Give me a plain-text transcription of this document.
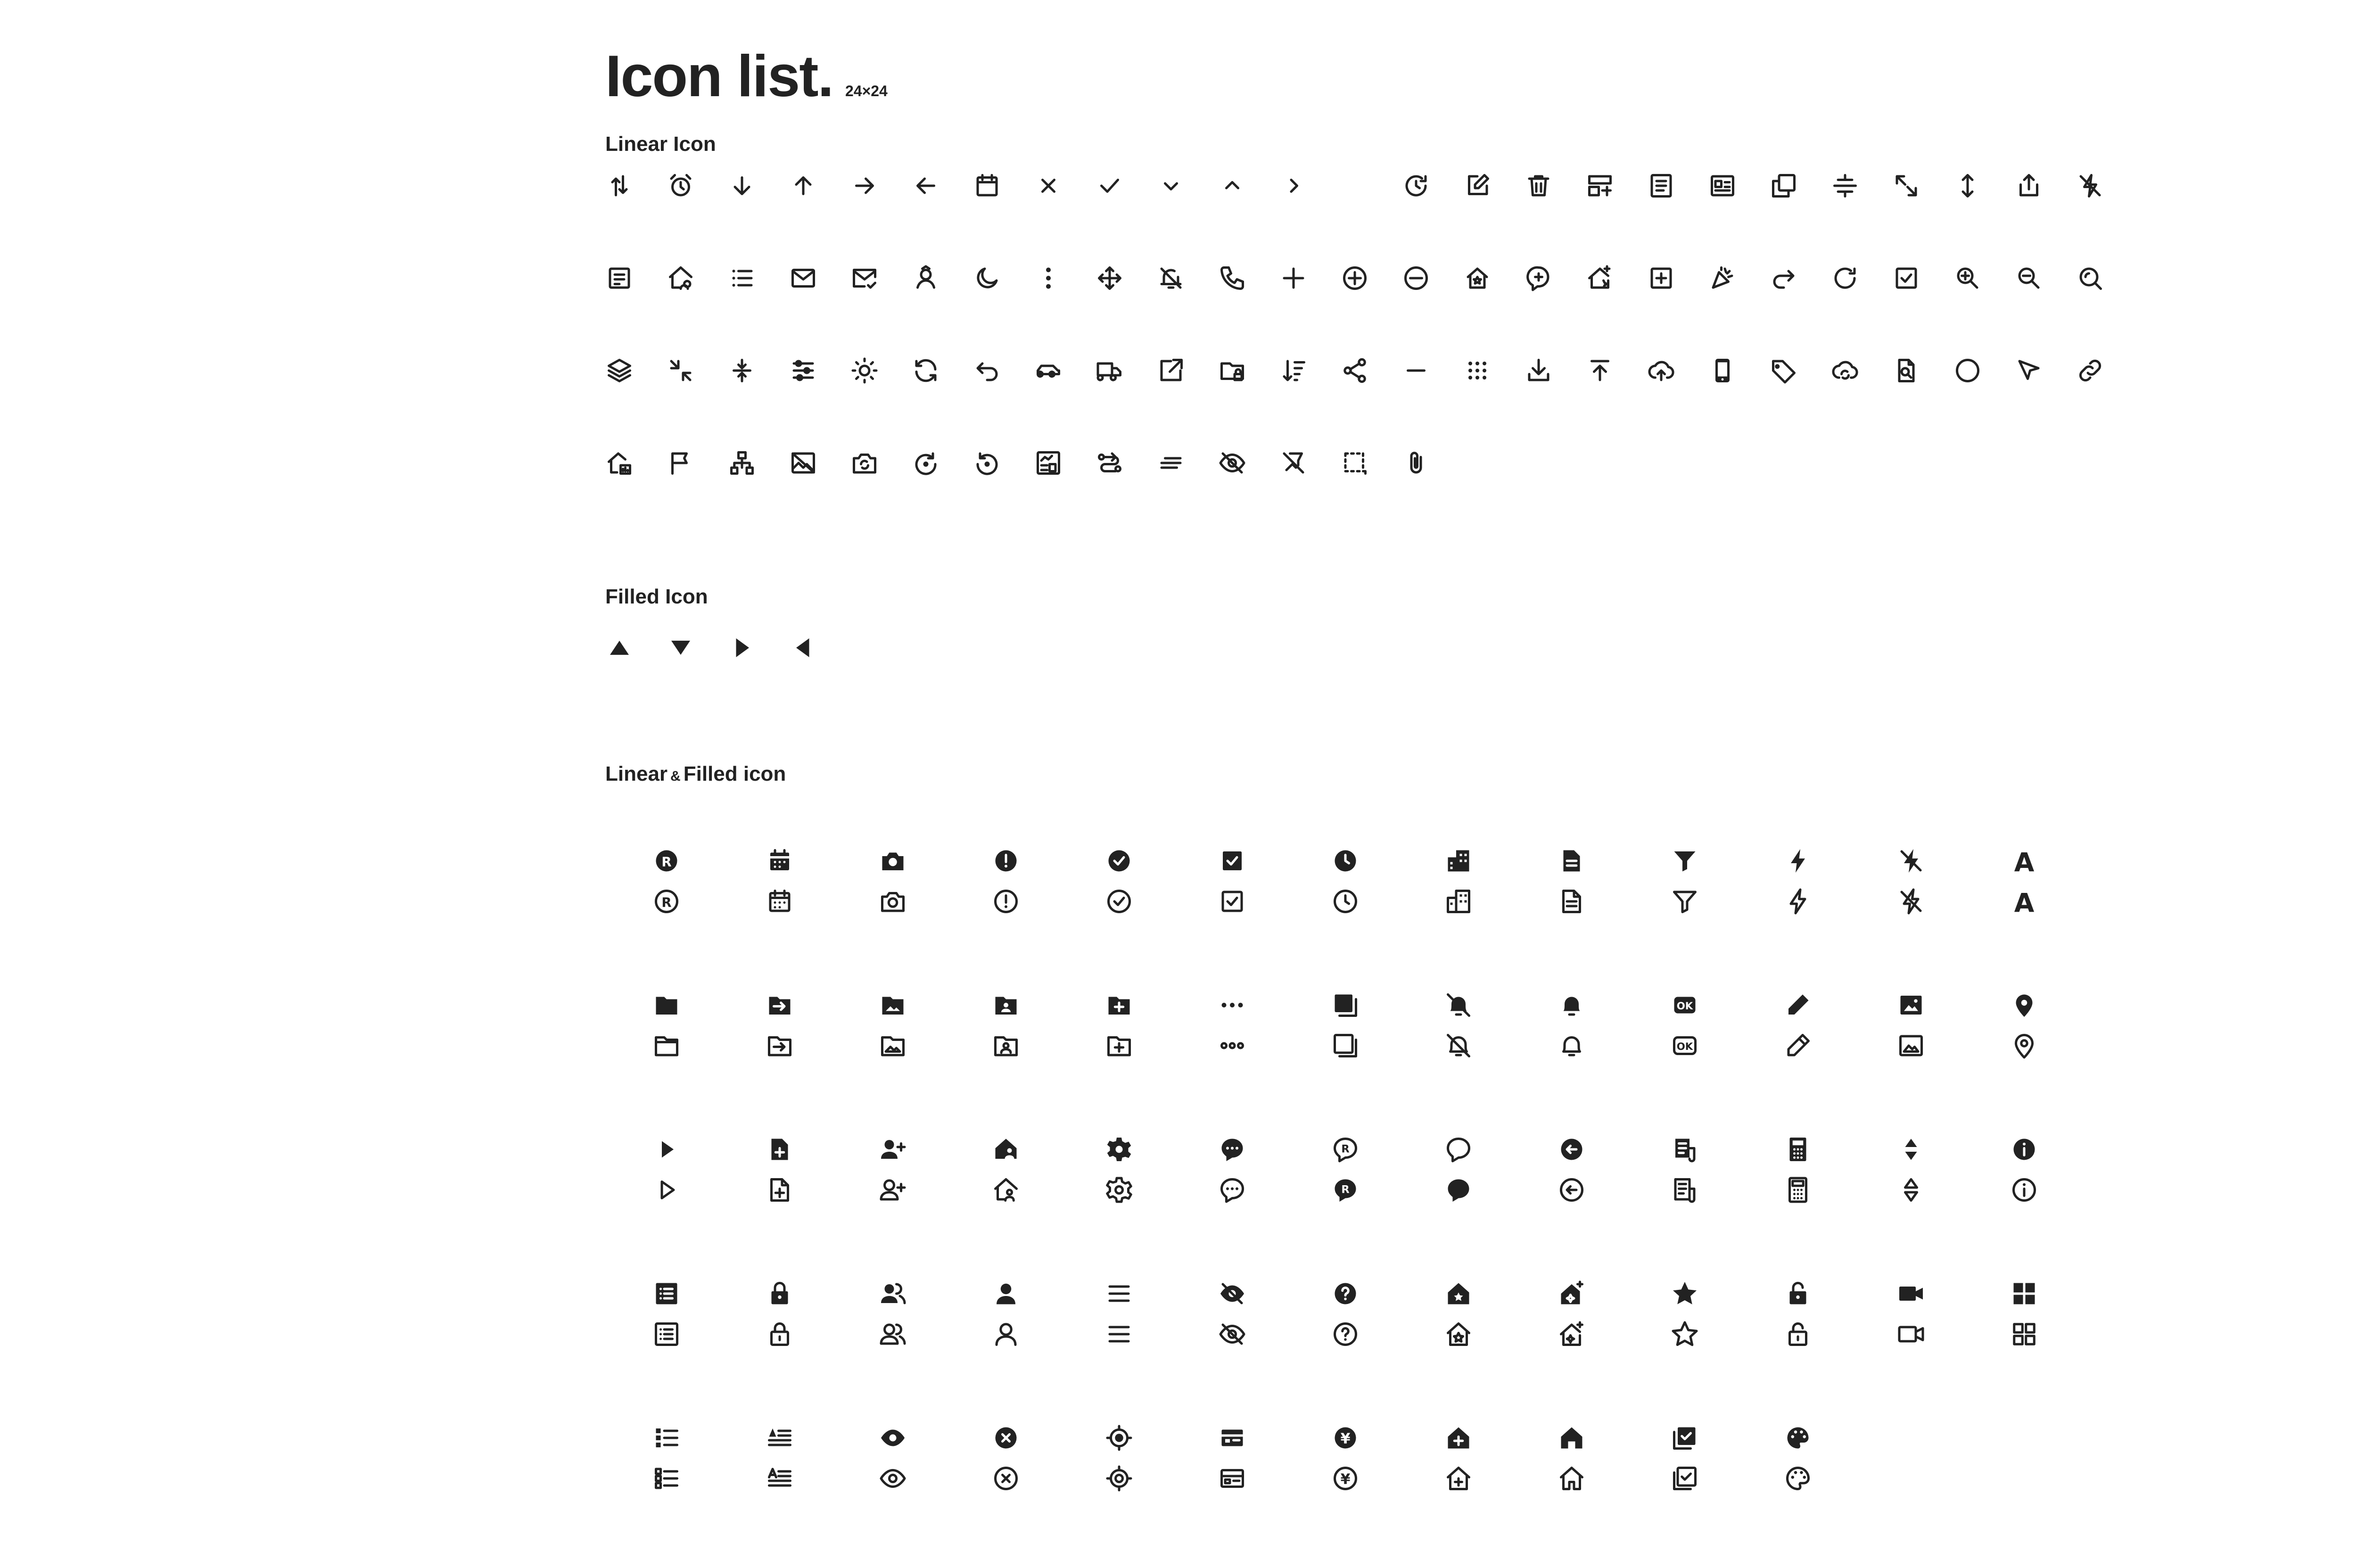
Icon list. 24×24
Linear Icon
Filled Icon
Linear & Filled icon
R
R
A
A
OK
OK
R
R
¥
¥
